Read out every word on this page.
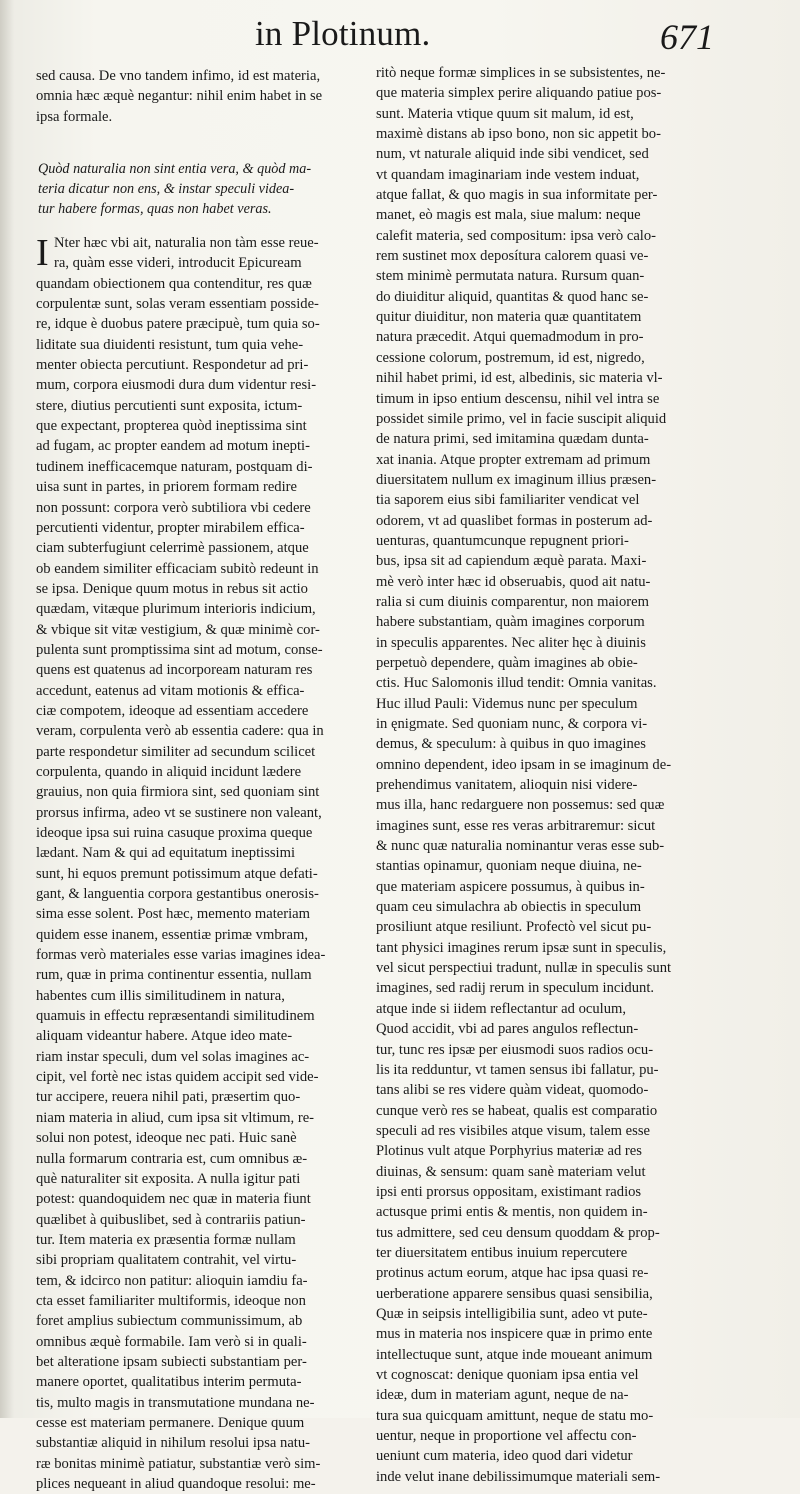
in Plotinum.	671
sed causa. De vno tandem infimo, id est materia,
omnia hæc æquè negantur: nihil enim habet in se
ipsa formale.
Quòd naturalia non sint entia vera, & quòd ma-
teria dicatur non ens, & instar speculi videa-
tur habere formas, quas non habet veras.
I Nter hæc vbi ait, naturalia non tàm esse reue-
ra, quàm esse videri, introducit Epicuream
quandam obiectionem qua contenditur, res quæ
corpulentæ sunt, solas veram essentiam posside-
re, idque è duobus patere præcipuè, tum quia so-
liditate sua diuidenti resistunt, tum quia vehe-
menter obiecta percutiunt. Respondetur ad pri-
mum, corpora eiusmodi dura dum videntur resi-
stere, diutius percutienti sunt exposita, ictum-
que expectant, propterea quòd ineptissima sint
ad fugam, ac propter eandem ad motum inepti-
tudinem inefficacemque naturam, postquam di-
uisa sunt in partes, in priorem formam redire
non possunt: corpora verò subtiliora vbi cedere
percutienti videntur, propter mirabilem effica-
ciam subterfugiunt celerrimè passionem, atque
ob eandem similiter efficaciam subitò redeunt in
se ipsa. Denique quum motus in rebus sit actio
quædam, vitæque plurimum interioris indicium,
& vbique sit vitæ vestigium, & quæ minimè cor-
pulenta sunt promptissima sint ad motum, conse-
quens est quatenus ad incorpoream naturam res
accedunt, eatenus ad vitam motionis & effica-
ciæ compotem, ideoque ad essentiam accedere
veram, corpulenta verò ab essentia cadere: qua in
parte respondetur similiter ad secundum scilicet
corpulenta, quando in aliquid incidunt lædere
grauius, non quia firmiora sint, sed quoniam sint
prorsus infirma, adeo vt se sustinere non valeant,
ideoque ipsa sui ruina casuque proxima queque
lædant. Nam & qui ad equitatum ineptissimi
sunt, hi equos premunt potissimum atque defati-
gant, & languentia corpora gestantibus onerosis-
sima esse solent. Post hæc, memento materiam
quidem esse inanem, essentiæ primæ vmbram,
formas verò materiales esse varias imagines idea-
rum, quæ in prima continentur essentia, nullam
habentes cum illis similitudinem in natura,
quamuis in effectu repræsentandi similitudinem
aliquam videantur habere. Atque ideo mate-
riam instar speculi, dum vel solas imagines ac-
cipit, vel fortè nec istas quidem accipit sed vide-
tur accipere, reuera nihil pati, præsertim quo-
niam materia in aliud, cum ipsa sit vltimum, re-
solui non potest, ideoque nec pati. Huic sanè
nulla formarum contraria est, cum omnibus æ-
què naturaliter sit exposita. A nulla igitur pati
potest: quandoquidem nec quæ in materia fiunt
quælibet à quibuslibet, sed à contrariis patiun-
tur. Item materia ex præsentia formæ nullam
sibi propriam qualitatem contrahit, vel virtu-
tem, & idcirco non patitur: alioquin iamdiu fa-
cta esset familiariter multiformis, ideoque non
foret amplius subiectum communissimum, ab
omnibus æquè formabile. Iam verò si in quali-
bet alteratione ipsam subiecti substantiam per-
manere oportet, qualitatibus interim permuta-
tis, multo magis in transmutatione mundana ne-
cesse est materiam permanere. Denique quum
substantiæ aliquid in nihilum resolui ipsa natu-
ræ bonitas minimè patiatur, substantiæ verò sim-
plices nequeant in aliud quandoque resolui: me-
ritò neque formæ simplices in se subsistentes, ne-
que materia simplex perire aliquando patiue pos-
sunt. Materia vtique quum sit malum, id est,
maximè distans ab ipso bono, non sic appetit bo-
num, vt naturale aliquid inde sibi vendicet, sed
vt quandam imaginariam inde vestem induat,
atque fallat, & quo magis in sua informitate per-
manet, eò magis est mala, siue malum: neque
calefit materia, sed compositum: ipsa verò calo-
rem sustinet mox deposítura calorem quasi ve-
stem minimè permutata natura. Rursum quan-
do diuiditur aliquid, quantitas & quod hanc se-
quitur diuiditur, non materia quæ quantitatem
natura præcedit. Atqui quemadmodum in pro-
cessione colorum, postremum, id est, nigredo,
nihil habet primi, id est, albedinis, sic materia vl-
timum in ipso entium descensu, nihil vel intra se
possidet simile primo, vel in facie suscipit aliquid
de natura primi, sed imitamina quædam dunta-
xat inania. Atque propter extremam ad primum
diuersitatem nullum ex imaginum illius præsen-
tia saporem eius sibi familiariter vendicat vel
odorem, vt ad quaslibet formas in posterum ad-
uenturas, quantumcunque repugnent priori-
bus, ipsa sit ad capiendum æquè parata. Maxi-
mè verò inter hæc id obseruabis, quod ait natu-
ralia si cum diuinis comparentur, non maiorem
habere substantiam, quàm imagines corporum
in speculis apparentes. Nec aliter hęc à diuinis
perpetuò dependere, quàm imagines ab obie-
ctis. Huc Salomonis illud tendit: Omnia vanitas.
Huc illud Pauli: Videmus nunc per speculum
in ęnigmate. Sed quoniam nunc, & corpora vi-
demus, & speculum: à quibus in quo imagines
omnino dependent, ideo ipsam in se imaginum de-
prehendimus vanitatem, alioquin nisi videre-
mus illa, hanc redarguere non possemus: sed quæ
imagines sunt, esse res veras arbitraremur: sicut
& nunc quæ naturalia nominantur veras esse sub-
stantias opinamur, quoniam neque diuina, ne-
que materiam aspicere possumus, à quibus in-
quam ceu simulachra ab obiectis in speculum
prosiliunt atque resiliunt. Profectò vel sicut pu-
tant physici imagines rerum ipsæ sunt in speculis,
vel sicut perspectiui tradunt, nullæ in speculis sunt
imagines, sed radij rerum in speculum incidunt.
atque inde si iidem reflectantur ad oculum,
Quod accidit, vbi ad pares angulos reflectun-
tur, tunc res ipsæ per eiusmodi suos radios ocu-
lis ita redduntur, vt tamen sensus ibi fallatur, pu-
tans alibi se res videre quàm videat, quomodo-
cunque verò res se habeat, qualis est comparatio
speculi ad res visibiles atque visum, talem esse
Plotinus vult atque Porphyrius materiæ ad res
diuinas, & sensum: quam sanè materiam velut
ipsi enti prorsus oppositam, existimant radios
actusque primi entis & mentis, non quidem in-
tus admittere, sed ceu densum quoddam & prop-
ter diuersitatem entibus inuium repercutere
protinus actum eorum, atque hac ipsa quasi re-
uerberatione apparere sensibus quasi sensibilia,
Quæ in seipsis intelligibilia sunt, adeo vt pute-
mus in materia nos inspicere quæ in primo ente
intellectuque sunt, atque inde moueant animum
vt cognoscat: denique quoniam ipsa entia vel
ideæ, dum in materiam agunt, neque de na-
tura sua quicquam amittunt, neque de statu mo-
uentur, neque in proportione vel affectu con-
ueniunt cum materia, ideo quod dari videtur
inde velut inane debilissimumque materiali sem-
